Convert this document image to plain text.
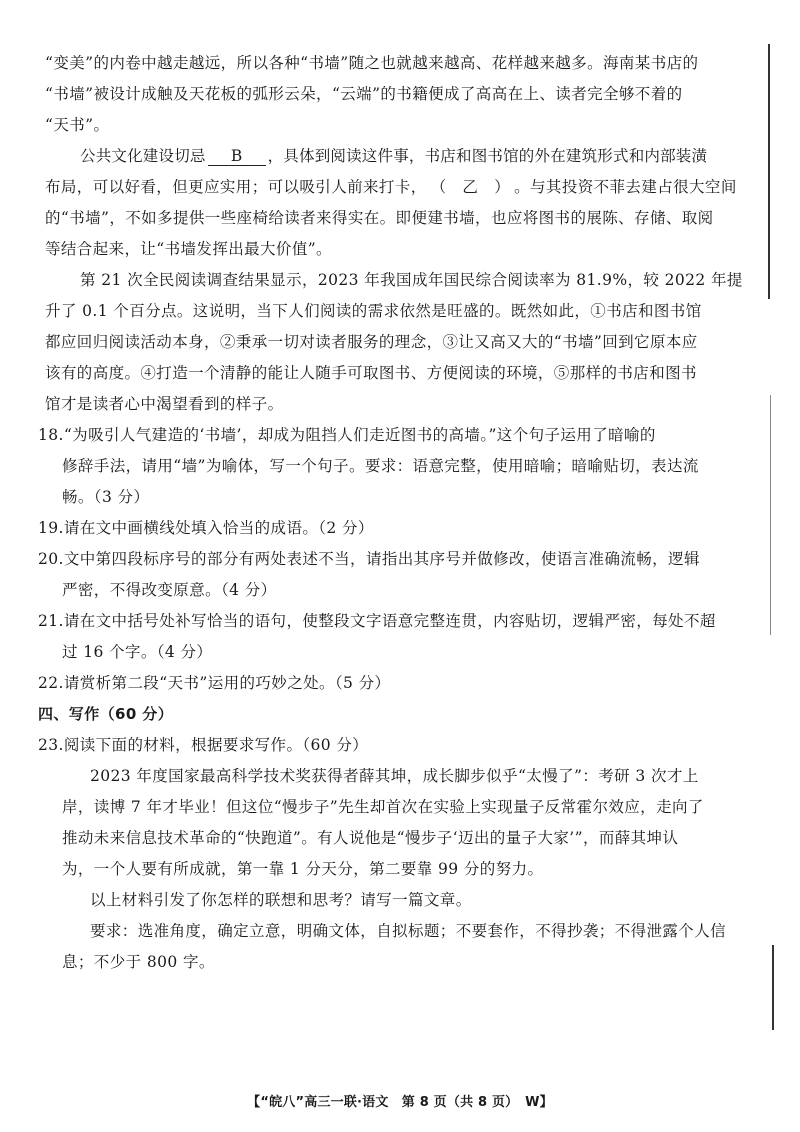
“变美”的内卷中越走越远，所以各种“书墙”随之也就越来越高、花样越来越多。海南某书店的
“书墙”被设计成触及天花板的弧形云朵，“云端”的书籍便成了高高在上、读者完全够不着的
“天书”。
公共文化建设切忌 B ，具体到阅读这件事，书店和图书馆的外在建筑形式和内部装潢
布局，可以好看，但更应实用；可以吸引人前来打卡， （　乙　） 。与其投资不菲去建占很大空间
的“书墙”，不如多提供一些座椅给读者来得实在。即便建书墙，也应将图书的展陈、存储、取阅
等结合起来，让“书墙发挥出最大价值”。
第 21 次全民阅读调查结果显示，2023 年我国成年国民综合阅读率为 81.9%，较 2022 年提
升了 0.1 个百分点。这说明，当下人们阅读的需求依然是旺盛的。既然如此，①书店和图书馆
都应回归阅读活动本身，②秉承一切对读者服务的理念，③让又高又大的“书墙”回到它原本应
该有的高度。④打造一个清静的能让人随手可取图书、方便阅读的环境，⑤那样的书店和图书
馆才是读者心中渴望看到的样子。
18.“为吸引人气建造的‘书墙’，却成为阻挡人们走近图书的高墙。”这个句子运用了暗喻的
修辞手法，请用“墙”为喻体，写一个句子。要求：语意完整，使用暗喻；暗喻贴切，表达流
畅。（3 分）
19.请在文中画横线处填入恰当的成语。（2 分）
20.文中第四段标序号的部分有两处表述不当，请指出其序号并做修改，使语言准确流畅，逻辑
严密，不得改变原意。（4 分）
21.请在文中括号处补写恰当的语句，使整段文字语意完整连贯，内容贴切，逻辑严密，每处不超
过 16 个字。（4 分）
22.请赏析第二段“天书”运用的巧妙之处。（5 分）
四、写作（60 分）
23.阅读下面的材料，根据要求写作。（60 分）
2023 年度国家最高科学技术奖获得者薛其坤，成长脚步似乎“太慢了”：考研 3 次才上
岸，读博 7 年才毕业！但这位“慢步子”先生却首次在实验上实现量子反常霍尔效应，走向了
推动未来信息技术革命的“快跑道”。有人说他是“慢步子‘迈出的量子大家’”，而薛其坤认
为，一个人要有所成就，第一靠 1 分天分，第二要靠 99 分的努力。
以上材料引发了你怎样的联想和思考？请写一篇文章。
要求：选准角度，确定立意，明确文体，自拟标题；不要套作，不得抄袭；不得泄露个人信
息；不少于 800 字。
【“皖八”高三一联·语文　第 8 页（共 8 页）　W】
